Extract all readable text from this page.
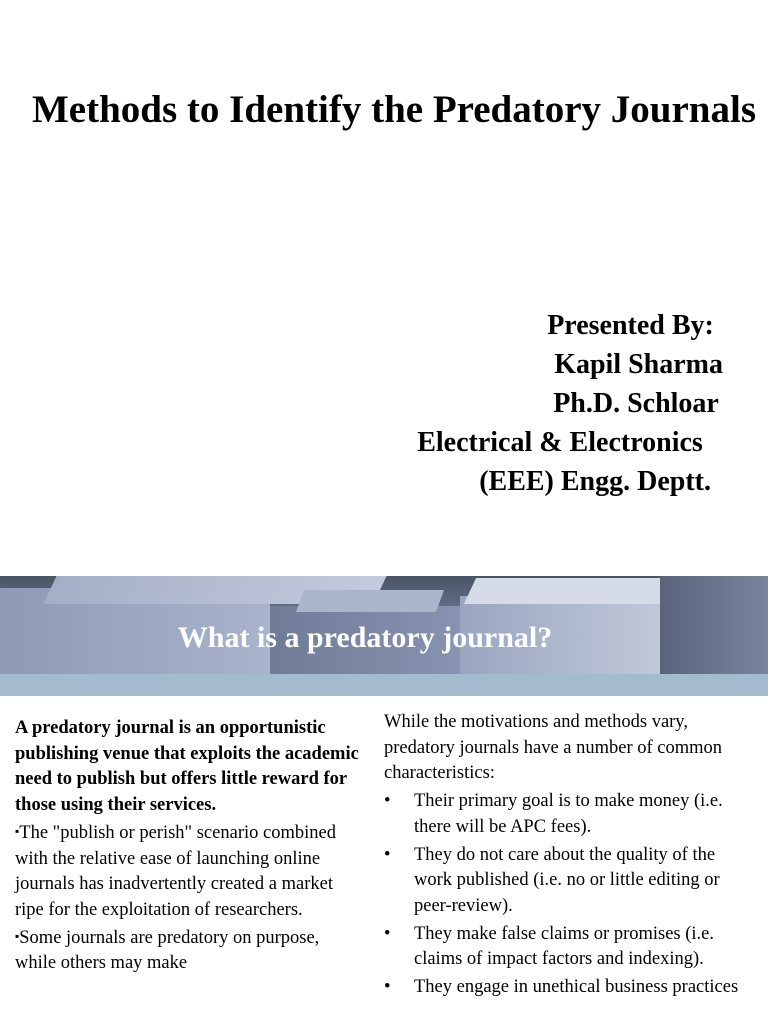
Methods to Identify the Predatory Journals
Presented By:
Kapil Sharma
Ph.D. Schloar
Electrical & Electronics
(EEE) Engg. Deptt.
What is a predatory journal?
A predatory journal is an opportunistic publishing venue that exploits the academic need to publish but offers little reward for those using their services.
▪The "publish or perish" scenario combined with the relative ease of launching online journals has inadvertently created a market ripe for the exploitation of researchers.
▪Some journals are predatory on purpose, while others may make
While the motivations and methods vary, predatory journals have a number of common characteristics:
• Their primary goal is to make money (i.e. there will be APC fees).
• They do not care about the quality of the work published (i.e. no or little editing or peer-review).
• They make false claims or promises (i.e. claims of impact factors and indexing).
• They engage in unethical business practices
